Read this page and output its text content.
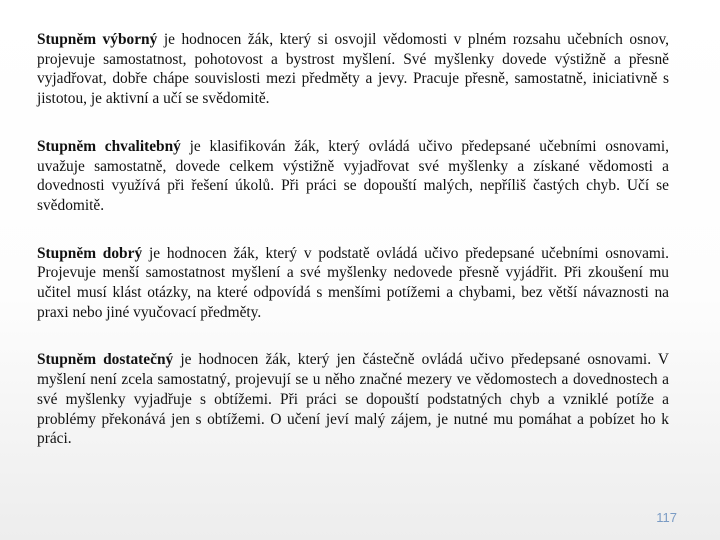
Stupněm výborný je hodnocen žák, který si osvojil vědomosti v plném rozsahu učebních osnov, projevuje samostatnost, pohotovost a bystrost myšlení. Své myšlenky dovede výstižně a přesně vyjadřovat, dobře chápe souvislosti mezi předměty a jevy. Pracuje přesně, samostatně, iniciativně s jistotou, je aktivní a učí se svědomitě.

Stupněm chvalitebný je klasifikován žák, který ovládá učivo předepsané učebními osnovami, uvažuje samostatně, dovede celkem výstižně vyjadřovat své myšlenky a získané vědomosti a dovednosti využívá při řešení úkolů. Při práci se dopouští malých, nepříliš častých chyb. Učí se svědomitě.

Stupněm dobrý je hodnocen žák, který v podstatě ovládá učivo předepsané učebními osnovami. Projevuje menší samostatnost myšlení a své myšlenky nedovede přesně vyjádřit. Při zkoušení mu učitel musí klást otázky, na které odpovídá s menšími potížemi a chybami, bez větší návaznosti na praxi nebo jiné vyučovací předměty.

Stupněm dostatečný je hodnocen žák, který jen částečně ovládá učivo předepsané osnovami. V myšlení není zcela samostatný, projevují se u něho značné mezery ve vědomostech a dovednostech a své myšlenky vyjadřuje s obtížemi. Při práci se dopouští podstatných chyb a vzniklé potíže a problémy překonává jen s obtížemi. O učení jeví malý zájem, je nutné mu pomáhat a pobízet ho k práci.

117
